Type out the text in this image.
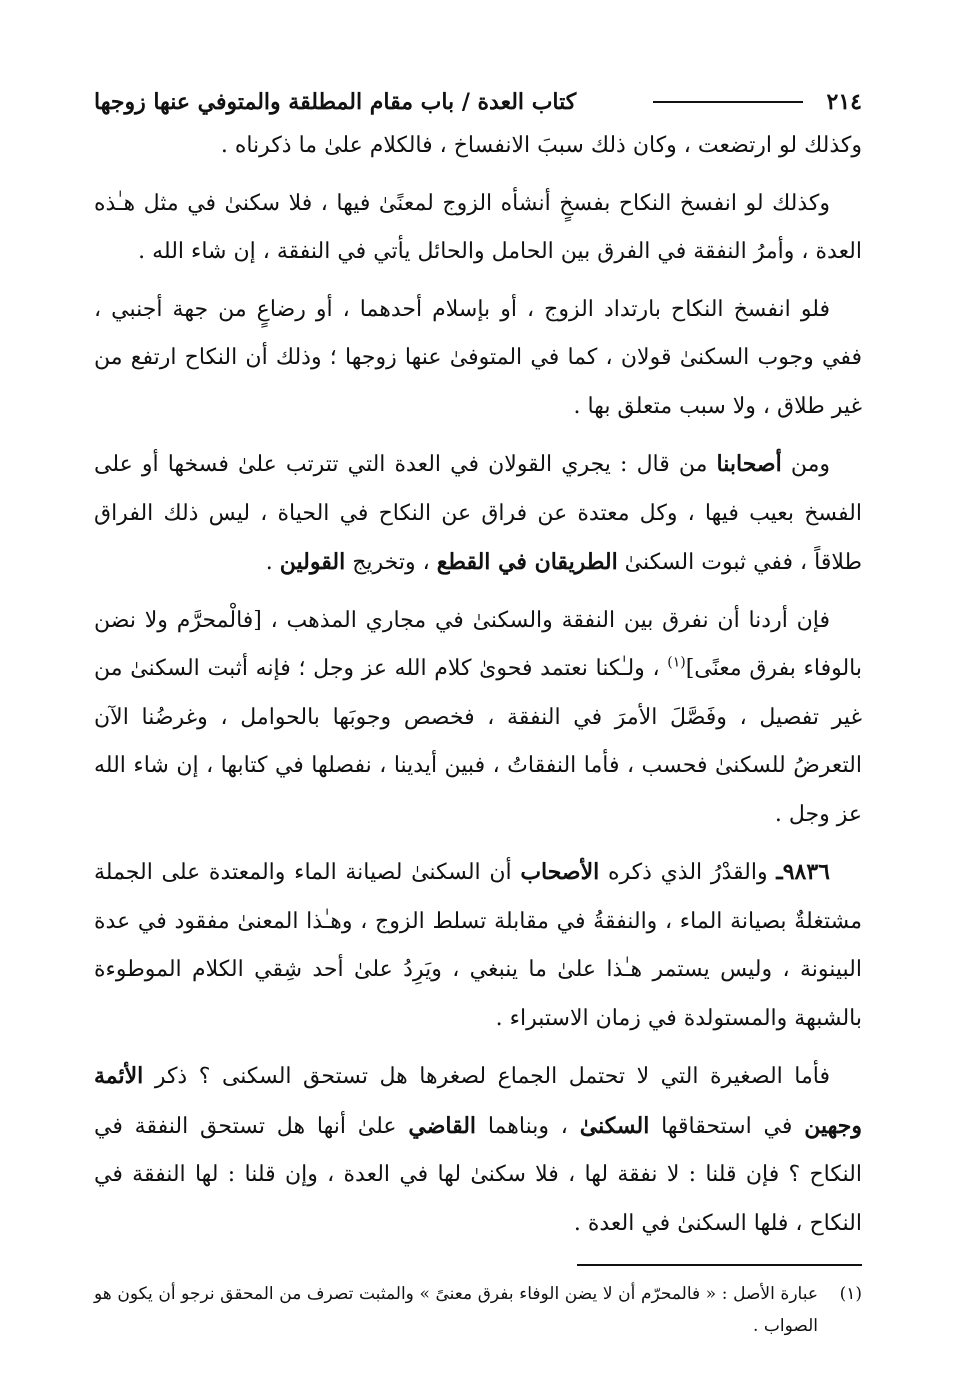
٢١٤
كتاب العدة / باب مقام المطلقة والمتوفي عنها زوجها

وكذلك لو ارتضعت ، وكان ذلك سببَ الانفساخ ، فالكلام علىٰ ما ذكرناه .

وكذلك لو انفسخ النكاح بفسخٍ أنشأه الزوج لمعنًىٰ فيها ، فلا سكنىٰ في مثل هـٰذه العدة ، وأمرُ النفقة في الفرق بين الحامل والحائل يأتي في النفقة ، إن شاء الله .

فلو انفسخ النكاح بارتداد الزوج ، أو بإسلام أحدهما ، أو رضاعٍ من جهة أجنبي ، ففي وجوب السكنىٰ قولان ، كما في المتوفىٰ عنها زوجها ؛ وذلك أن النكاح ارتفع من غير طلاق ، ولا سبب متعلق بها .

ومن أصحابنا من قال : يجري القولان في العدة التي تترتب علىٰ فسخها أو على الفسخ بعيب فيها ، وكل معتدة عن فراق عن النكاح في الحياة ، ليس ذلك الفراق طلاقاً ، ففي ثبوت السكنىٰ الطريقان في القطع ، وتخريج القولين .

فإن أردنا أن نفرق بين النفقة والسكنىٰ في مجاري المذهب ، [فالْمحرَّم ولا نضن بالوفاء بفرق معنًى]$^{(١)}$ ، ولـٰكنا نعتمد فحوىٰ كلام الله عز وجل ؛ فإنه أثبت السكنىٰ من غير تفصيل ، وفَصَّلَ الأمرَ في النفقة ، فخصص وجوبَها بالحوامل ، وغرضُنا الآن التعرضُ للسكنىٰ فحسب ، فأما النفقاتُ ، فبين أيدينا ، نفصلها في كتابها ، إن شاء الله عز وجل .

٩٨٣٦ـ والقدْرُ الذي ذكره الأصحاب أن السكنىٰ لصيانة الماء والمعتدة على الجملة مشتغلةٌ بصيانة الماء ، والنفقةُ في مقابلة تسلط الزوج ، وهـٰذا المعنىٰ مفقود في عدة البينونة ، وليس يستمر هـٰذا علىٰ ما ينبغي ، ويَرِدُ علىٰ أحد شِقي الكلام الموطوءة بالشبهة والمستولدة في زمان الاستبراء .

فأما الصغيرة التي لا تحتمل الجماع لصغرها هل تستحق السكنى ؟ ذكر الأئمة وجهين في استحقاقها السكنىٰ ، وبناهما القاضي علىٰ أنها هل تستحق النفقة في النكاح ؟ فإن قلنا : لا نفقة لها ، فلا سكنىٰ لها في العدة ، وإن قلنا : لها النفقة في النكاح ، فلها السكنىٰ في العدة .

(١)
عبارة الأصل : « فالمحرّم أن لا يضن الوفاء بفرق معنىً » والمثبت تصرف من المحقق نرجو أن يكون هو الصواب .
